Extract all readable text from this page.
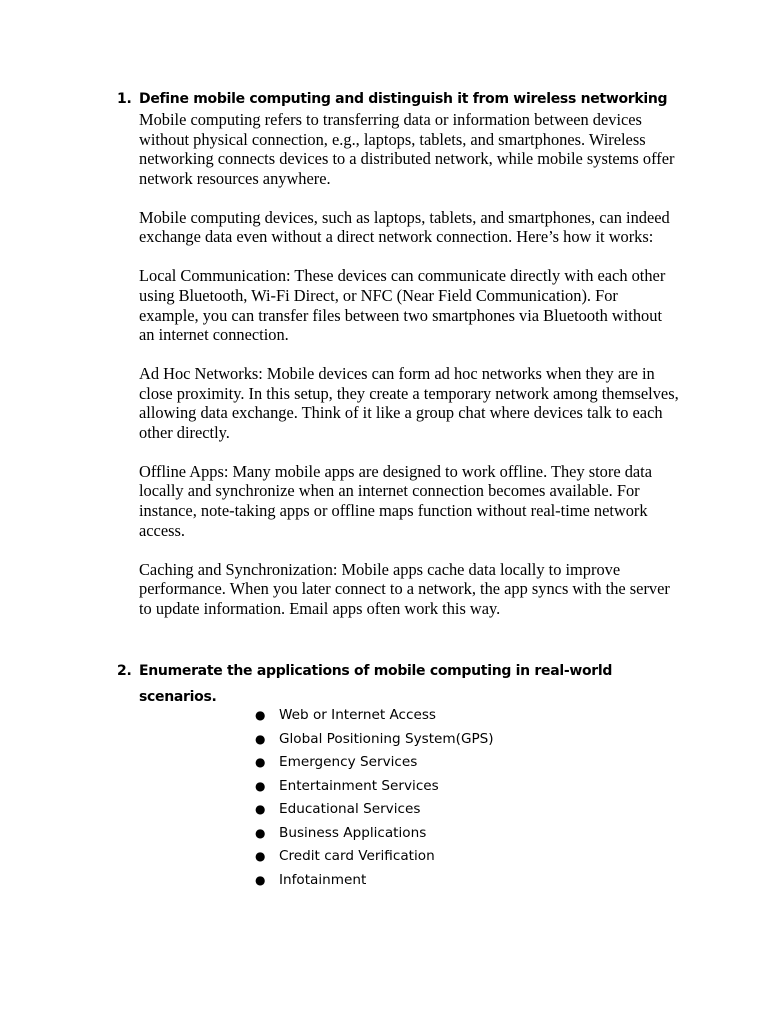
1. Define mobile computing and distinguish it from wireless networking

Mobile computing refers to transferring data or information between devices without physical connection, e.g., laptops, tablets, and smartphones. Wireless networking connects devices to a distributed network, while mobile systems offer network resources anywhere.

Mobile computing devices, such as laptops, tablets, and smartphones, can indeed exchange data even without a direct network connection. Here’s how it works:

Local Communication: These devices can communicate directly with each other using Bluetooth, Wi-Fi Direct, or NFC (Near Field Communication). For example, you can transfer files between two smartphones via Bluetooth without an internet connection.

Ad Hoc Networks: Mobile devices can form ad hoc networks when they are in close proximity. In this setup, they create a temporary network among themselves, allowing data exchange. Think of it like a group chat where devices talk to each other directly.

Offline Apps: Many mobile apps are designed to work offline. They store data locally and synchronize when an internet connection becomes available. For instance, note-taking apps or offline maps function without real-time network access.

Caching and Synchronization: Mobile apps cache data locally to improve performance. When you later connect to a network, the app syncs with the server to update information. Email apps often work this way.

2. Enumerate the applications of mobile computing in real-world scenarios.
● Web or Internet Access
● Global Positioning System(GPS)
● Emergency Services
● Entertainment Services
● Educational Services
● Business Applications
● Credit card Verification
● Infotainment
